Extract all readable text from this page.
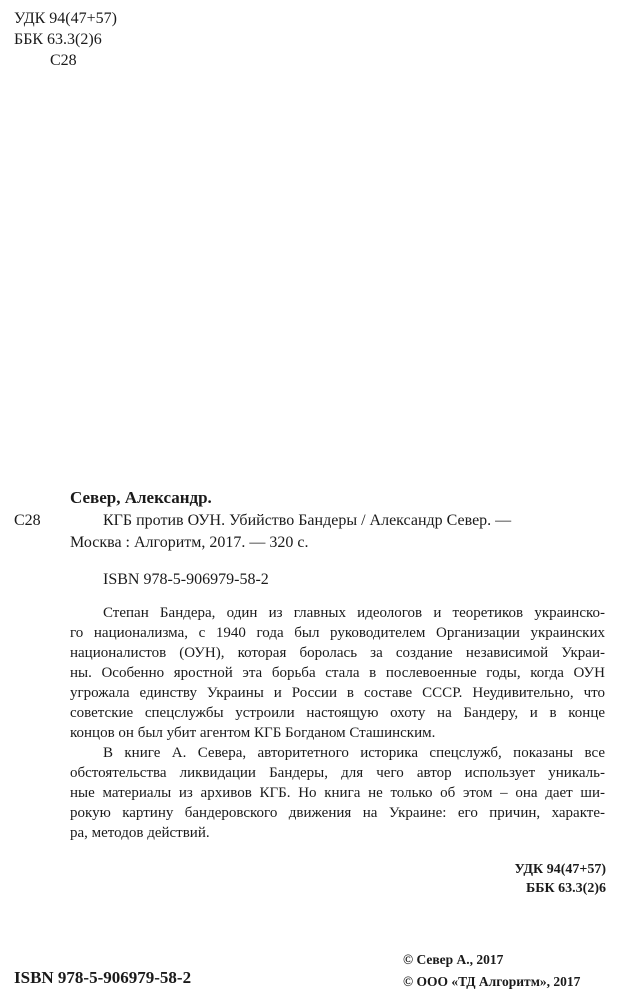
УДК 94(47+57)
ББК 63.3(2)6
С28
Север, Александр.
С28	КГБ против ОУН. Убийство Бандеры / Александр Север. —
Москва : Алгоритм, 2017. — 320 с.
ISBN 978-5-906979-58-2
Степан Бандера, один из главных идеологов и теоретиков украинско-
го национализма, с 1940 года был руководителем Организации украинских
националистов (ОУН), которая боролась за создание независимой Украи-
ны. Особенно яростной эта борьба стала в послевоенные годы, когда ОУН
угрожала единству Украины и России в составе СССР. Неудивительно, что
советские спецслужбы устроили настоящую охоту на Бандеру, и в конце
концов он был убит агентом КГБ Богданом Сташинским.
В книге А. Севера, авторитетного историка спецслужб, показаны все
обстоятельства ликвидации Бандеры, для чего автор использует уникаль-
ные материалы из архивов КГБ. Но книга не только об этом – она дает ши-
рокую картину бандеровского движения на Украине: его причин, характе-
ра, методов действий.
УДК 94(47+57)
ББК 63.3(2)6
ISBN 978-5-906979-58-2
© Север А., 2017
© ООО «ТД Алгоритм», 2017
